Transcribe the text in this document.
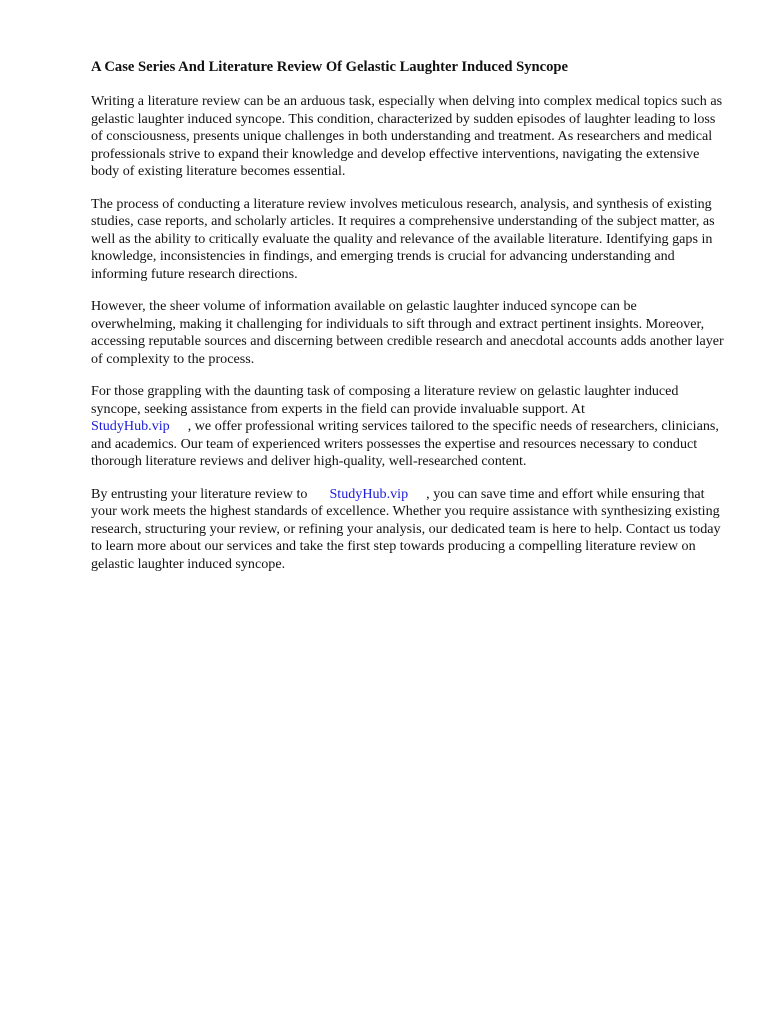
A Case Series And Literature Review Of Gelastic Laughter Induced Syncope

Writing a literature review can be an arduous task, especially when delving into complex medical topics such as gelastic laughter induced syncope. This condition, characterized by sudden episodes of laughter leading to loss of consciousness, presents unique challenges in both understanding and treatment. As researchers and medical professionals strive to expand their knowledge and develop effective interventions, navigating the extensive body of existing literature becomes essential.

The process of conducting a literature review involves meticulous research, analysis, and synthesis of existing studies, case reports, and scholarly articles. It requires a comprehensive understanding of the subject matter, as well as the ability to critically evaluate the quality and relevance of the available literature. Identifying gaps in knowledge, inconsistencies in findings, and emerging trends is crucial for advancing understanding and informing future research directions.

However, the sheer volume of information available on gelastic laughter induced syncope can be overwhelming, making it challenging for individuals to sift through and extract pertinent insights. Moreover, accessing reputable sources and discerning between credible research and anecdotal accounts adds another layer of complexity to the process.

For those grappling with the daunting task of composing a literature review on gelastic laughter induced syncope, seeking assistance from experts in the field can provide invaluable support. At
StudyHub.vip , we offer professional writing services tailored to the specific needs of researchers, clinicians, and academics. Our team of experienced writers possesses the expertise and resources necessary to conduct thorough literature reviews and deliver high-quality, well-researched content.

By entrusting your literature review to StudyHub.vip , you can save time and effort while ensuring that your work meets the highest standards of excellence. Whether you require assistance with synthesizing existing research, structuring your review, or refining your analysis, our dedicated team is here to help. Contact us today to learn more about our services and take the first step towards producing a compelling literature review on gelastic laughter induced syncope.
